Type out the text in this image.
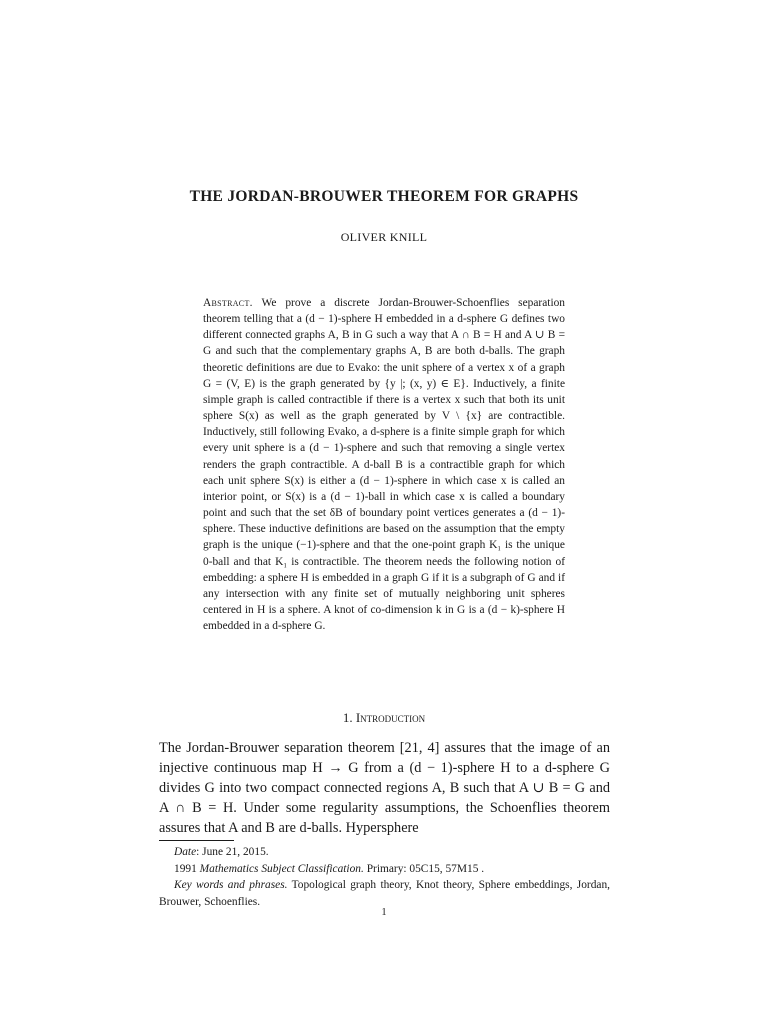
THE JORDAN-BROUWER THEOREM FOR GRAPHS
OLIVER KNILL
Abstract. We prove a discrete Jordan-Brouwer-Schoenflies separation theorem telling that a (d − 1)-sphere H embedded in a d-sphere G defines two different connected graphs A, B in G such a way that A ∩ B = H and A ∪ B = G and such that the complementary graphs A, B are both d-balls. The graph theoretic definitions are due to Evako: the unit sphere of a vertex x of a graph G = (V, E) is the graph generated by {y |; (x, y) ∈ E}. Inductively, a finite simple graph is called contractible if there is a vertex x such that both its unit sphere S(x) as well as the graph generated by V \ {x} are contractible. Inductively, still following Evako, a d-sphere is a finite simple graph for which every unit sphere is a (d − 1)-sphere and such that removing a single vertex renders the graph contractible. A d-ball B is a contractible graph for which each unit sphere S(x) is either a (d − 1)-sphere in which case x is called an interior point, or S(x) is a (d − 1)-ball in which case x is called a boundary point and such that the set δB of boundary point vertices generates a (d − 1)-sphere. These inductive definitions are based on the assumption that the empty graph is the unique (−1)-sphere and that the one-point graph K₁ is the unique 0-ball and that K₁ is contractible. The theorem needs the following notion of embedding: a sphere H is embedded in a graph G if it is a subgraph of G and if any intersection with any finite set of mutually neighboring unit spheres centered in H is a sphere. A knot of co-dimension k in G is a (d − k)-sphere H embedded in a d-sphere G.
1. Introduction
The Jordan-Brouwer separation theorem [21, 4] assures that the image of an injective continuous map H → G from a (d − 1)-sphere H to a d-sphere G divides G into two compact connected regions A, B such that A ∪ B = G and A ∩ B = H. Under some regularity assumptions, the Schoenflies theorem assures that A and B are d-balls. Hypersphere
Date: June 21, 2015.
1991 Mathematics Subject Classification. Primary: 05C15, 57M15 .
Key words and phrases. Topological graph theory, Knot theory, Sphere embeddings, Jordan, Brouwer, Schoenflies.
1
